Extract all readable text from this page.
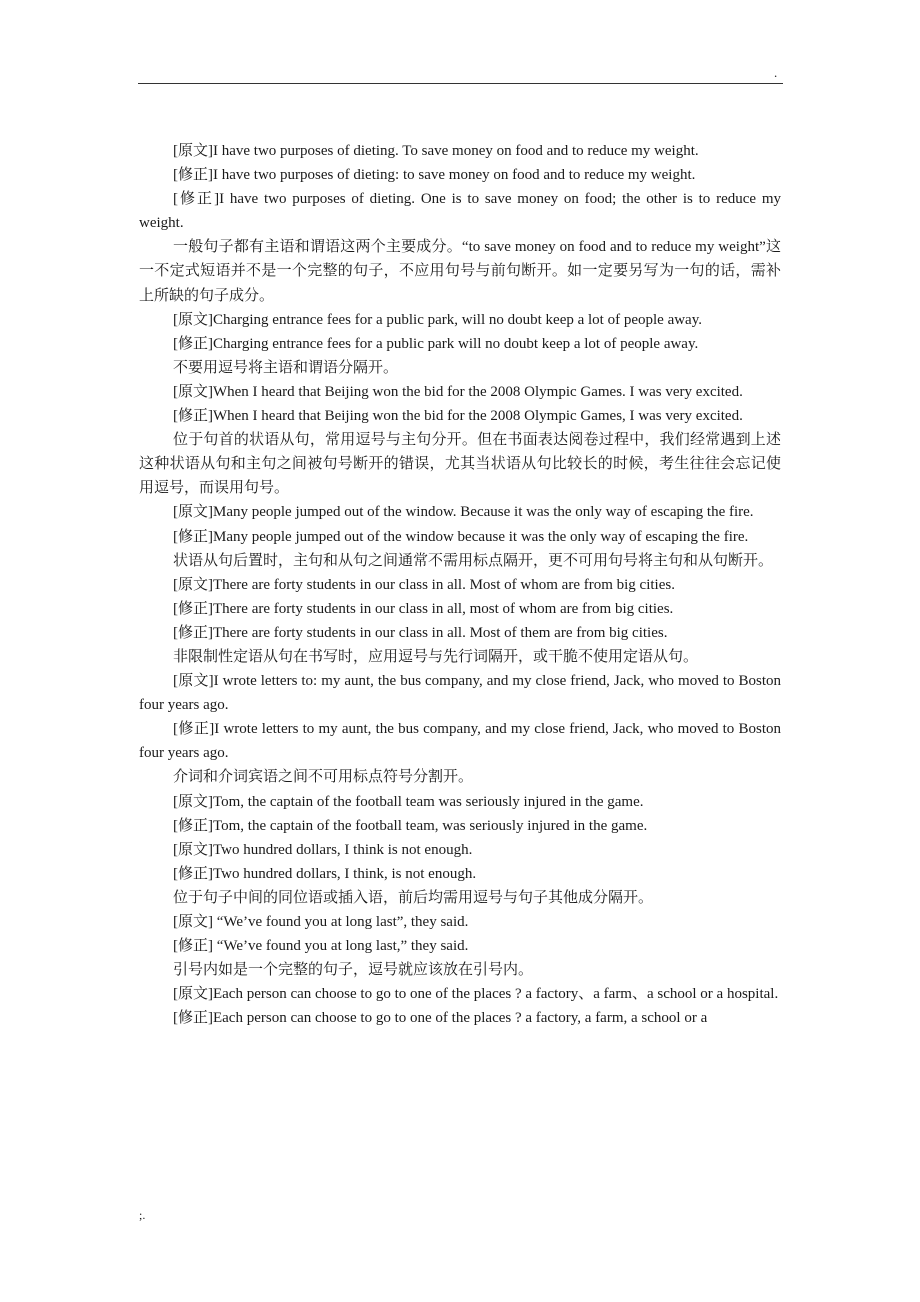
.

[原文]I have two purposes of dieting. To save money on food and to reduce my weight.

[修正]I have two purposes of dieting: to save money on food and to reduce my weight.

[修正]I have two purposes of dieting. One is to save money on food; the other is to reduce my weight.

一般句子都有主语和谓语这两个主要成分。“to save money on food and to reduce my weight”这一不定式短语并不是一个完整的句子，不应用句号与前句断开。如一定要另写为一句的话，需补上所缺的句子成分。

[原文]Charging entrance fees for a public park, will no doubt keep a lot of people away.

[修正]Charging entrance fees for a public park will no doubt keep a lot of people away.

不要用逗号将主语和谓语分隔开。

[原文]When I heard that Beijing won the bid for the 2008 Olympic Games. I was very excited.

[修正]When I heard that Beijing won the bid for the 2008 Olympic Games, I was very excited.

位于句首的状语从句，常用逗号与主句分开。但在书面表达阅卷过程中，我们经常遇到上述这种状语从句和主句之间被句号断开的错误，尤其当状语从句比较长的时候，考生往往会忘记使用逗号，而误用句号。

[原文]Many people jumped out of the window. Because it was the only way of escaping the fire.

[修正]Many people jumped out of the window because it was the only way of escaping the fire.

状语从句后置时，主句和从句之间通常不需用标点隔开，更不可用句号将主句和从句断开。

[原文]There are forty students in our class in all. Most of whom are from big cities.

[修正]There are forty students in our class in all, most of whom are from big cities.

[修正]There are forty students in our class in all. Most of them are from big cities.

非限制性定语从句在书写时，应用逗号与先行词隔开，或干脆不使用定语从句。

[原文]I wrote letters to: my aunt, the bus company, and my close friend, Jack, who moved to Boston four years ago.

[修正]I wrote letters to my aunt, the bus company, and my close friend, Jack, who moved to Boston four years ago.

介词和介词宾语之间不可用标点符号分割开。

[原文]Tom, the captain of the football team was seriously injured in the game.

[修正]Tom, the captain of the football team, was seriously injured in the game.

[原文]Two hundred dollars, I think is not enough.

[修正]Two hundred dollars, I think, is not enough.

位于句子中间的同位语或插入语，前后均需用逗号与句子其他成分隔开。

[原文] “We’ve found you at long last”, they said.

[修正] “We’ve found you at long last,” they said.

引号内如是一个完整的句子，逗号就应该放在引号内。

[原文]Each person can choose to go to one of the places ? a factory、a farm、a school or a hospital.

[修正]Each person can choose to go to one of the places ? a factory, a farm, a school or a

;.
